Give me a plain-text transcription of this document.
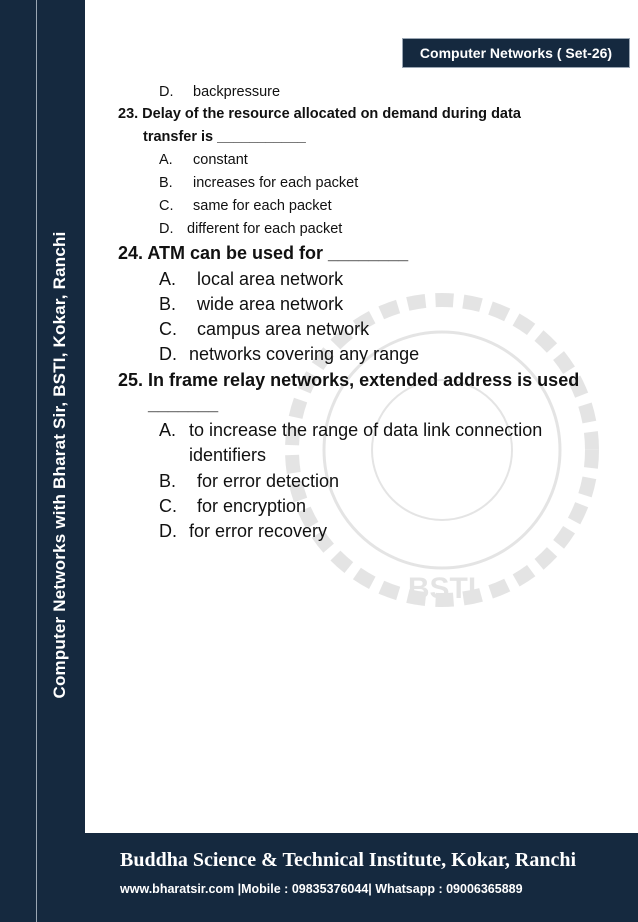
Computer Networks with Bharat Sir, BSTI, Kokar, Ranchi
Computer Networks ( Set-26)
BSTI
D. backpressure
23. Delay of the resource allocated on demand during data
transfer is ___________
A. constant
B. increases for each packet
C. same for each packet
D. different for each packet
24. ATM can be used for ________
A. local area network
B. wide area network
C. campus area network
D. networks covering any range
25. In frame relay networks, extended address is used
_______
A. to increase the range of data link connection
identifiers
B. for error detection
C. for encryption
D. for error recovery
Buddha Science & Technical Institute, Kokar, Ranchi
www.bharatsir.com |Mobile : 09835376044| Whatsapp : 09006365889
